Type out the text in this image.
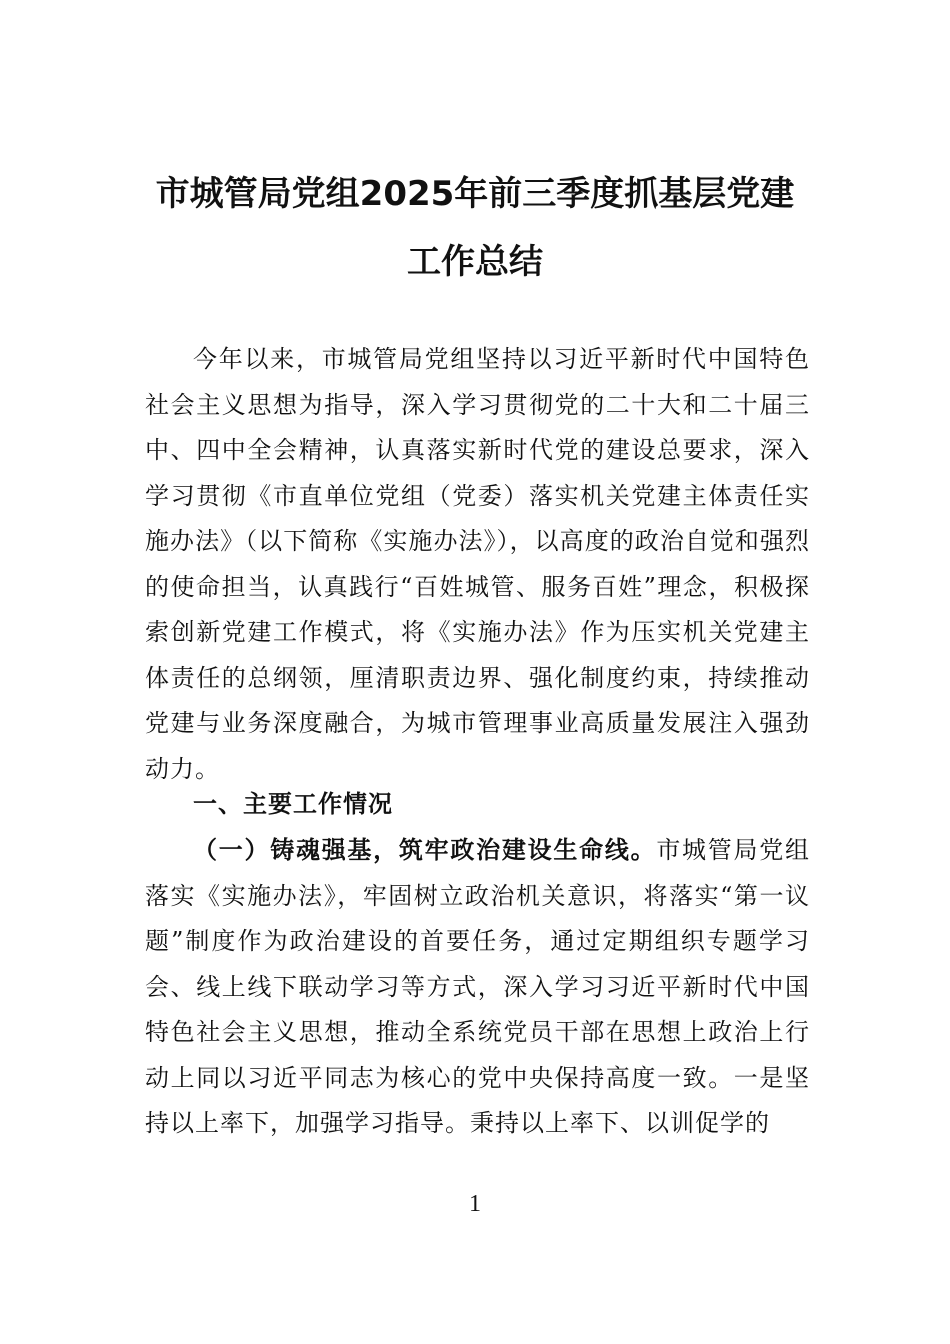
市城管局党组2025年前三季度抓基层党建
工作总结

今年以来，市城管局党组坚持以习近平新时代中国特色社会主义思想为指导，深入学习贯彻党的二十大和二十届三中、四中全会精神，认真落实新时代党的建设总要求，深入学习贯彻《市直单位党组（党委）落实机关党建主体责任实施办法》（以下简称《实施办法》），以高度的政治自觉和强烈的使命担当，认真践行“百姓城管、服务百姓”理念，积极探索创新党建工作模式，将《实施办法》作为压实机关党建主体责任的总纲领，厘清职责边界、强化制度约束，持续推动党建与业务深度融合，为城市管理事业高质量发展注入强劲动力。

一、主要工作情况

（一）铸魂强基，筑牢政治建设生命线。市城管局党组落实《实施办法》，牢固树立政治机关意识，将落实“第一议题”制度作为政治建设的首要任务，通过定期组织专题学习会、线上线下联动学习等方式，深入学习习近平新时代中国特色社会主义思想，推动全系统党员干部在思想上政治上行动上同以习近平同志为核心的党中央保持高度一致。一是坚持以上率下，加强学习指导。秉持以上率下、以训促学的

1
